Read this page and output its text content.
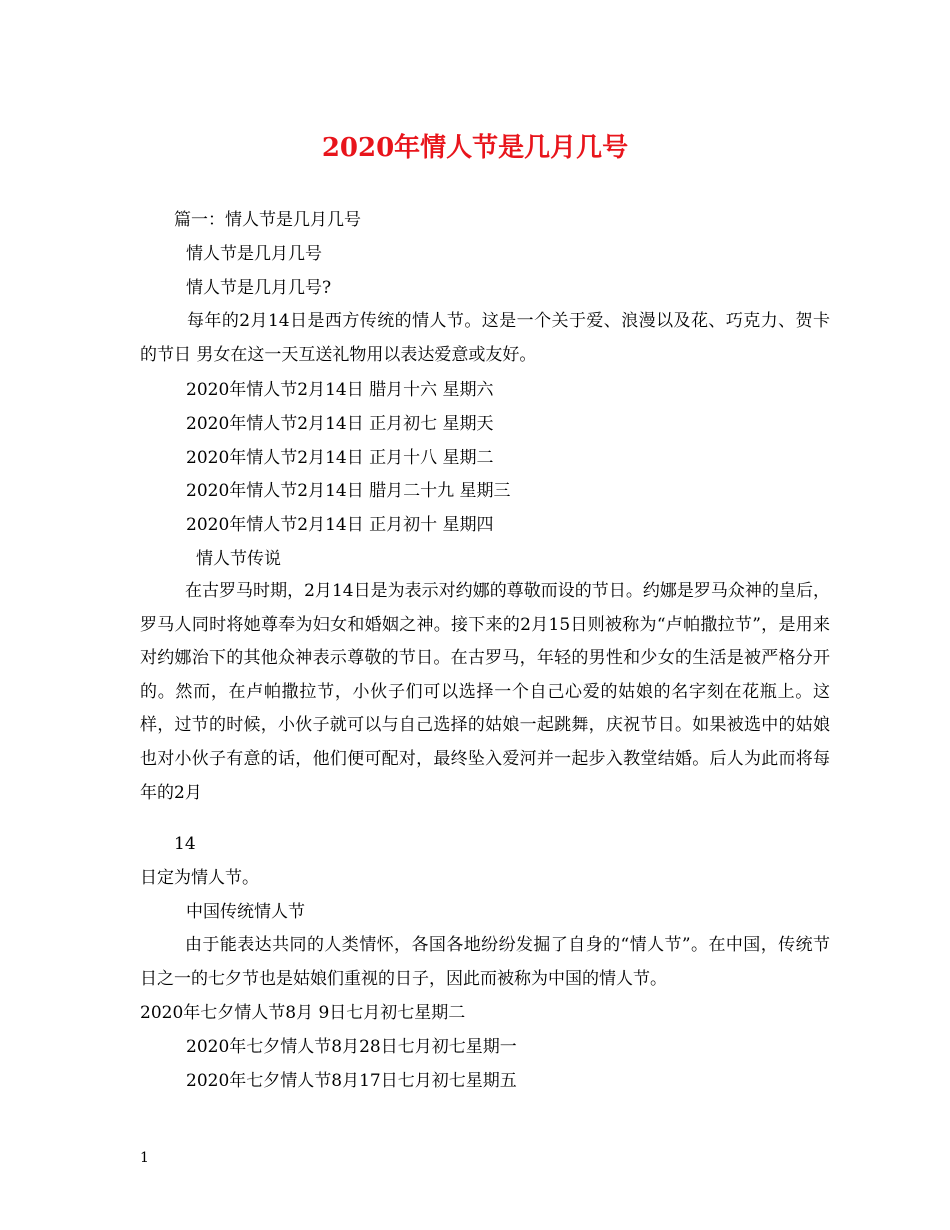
2020年情人节是几月几号
篇一：情人节是几月几号
情人节是几月几号
情人节是几月几号?
每年的2月14日是西方传统的情人节。这是一个关于爱、浪漫以及花、巧克力、贺卡的节日 男女在这一天互送礼物用以表达爱意或友好。
2020年情人节2月14日 腊月十六 星期六
2020年情人节2月14日 正月初七 星期天
2020年情人节2月14日 正月十八 星期二
2020年情人节2月14日 腊月二十九 星期三
2020年情人节2月14日 正月初十 星期四
情人节传说
在古罗马时期，2月14日是为表示对约娜的尊敬而设的节日。约娜是罗马众神的皇后，罗马人同时将她尊奉为妇女和婚姻之神。接下来的2月15日则被称为“卢帕撒拉节”，是用来对约娜治下的其他众神表示尊敬的节日。在古罗马，年轻的男性和少女的生活是被严格分开的。然而，在卢帕撒拉节，小伙子们可以选择一个自己心爱的姑娘的名字刻在花瓶上。这样，过节的时候，小伙子就可以与自己选择的姑娘一起跳舞，庆祝节日。如果被选中的姑娘也对小伙子有意的话，他们便可配对，最终坠入爱河并一起步入教堂结婚。后人为此而将每年的2月
14
日定为情人节。
中国传统情人节
由于能表达共同的人类情怀，各国各地纷纷发掘了自身的“情人节”。在中国，传统节日之一的七夕节也是姑娘们重视的日子，因此而被称为中国的情人节。
2020年七夕情人节8月 9日七月初七星期二
2020年七夕情人节8月28日七月初七星期一
2020年七夕情人节8月17日七月初七星期五
1
